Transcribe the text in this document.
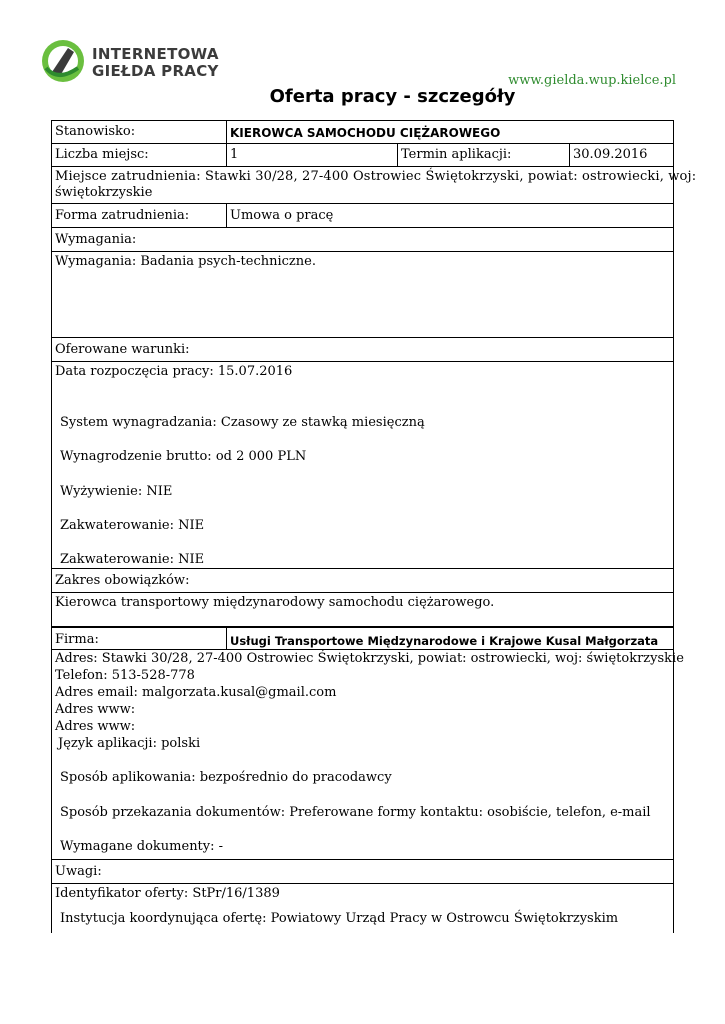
INTERNETOWA
GIEŁDA PRACY
www.gielda.wup.kielce.pl
Oferta pracy - szczegóły
Stanowisko:	KIEROWCA SAMOCHODU CIĘŻAROWEGO
Liczba miejsc:	1	Termin aplikacji:	30.09.2016
Miejsce zatrudnienia: Stawki 30/28, 27-400 Ostrowiec Świętokrzyski, powiat: ostrowiecki, woj:
świętokrzyskie
Forma zatrudnienia:	Umowa o pracę
Wymagania:
Wymagania: Badania psych-techniczne.
Oferowane warunki:
Data rozpoczęcia pracy: 15.07.2016
System wynagradzania: Czasowy ze stawką miesięczną
Wynagrodzenie brutto: od 2 000 PLN
Wyżywienie: NIE
Zakwaterowanie: NIE
Zakwaterowanie: NIE
Zakres obowiązków:
Kierowca transportowy międzynarodowy samochodu ciężarowego.
Firma:	Usługi Transportowe Międzynarodowe i Krajowe Kusal Małgorzata
Adres: Stawki 30/28, 27-400 Ostrowiec Świętokrzyski, powiat: ostrowiecki, woj: świętokrzyskie
Telefon: 513-528-778
Adres email: malgorzata.kusal@gmail.com
Adres www:
Adres www:
Język aplikacji: polski
Sposób aplikowania: bezpośrednio do pracodawcy
Sposób przekazania dokumentów: Preferowane formy kontaktu: osobiście, telefon, e-mail
Wymagane dokumenty: -
Uwagi:
Identyfikator oferty: StPr/16/1389
Instytucja koordynująca ofertę: Powiatowy Urząd Pracy w Ostrowcu Świętokrzyskim
